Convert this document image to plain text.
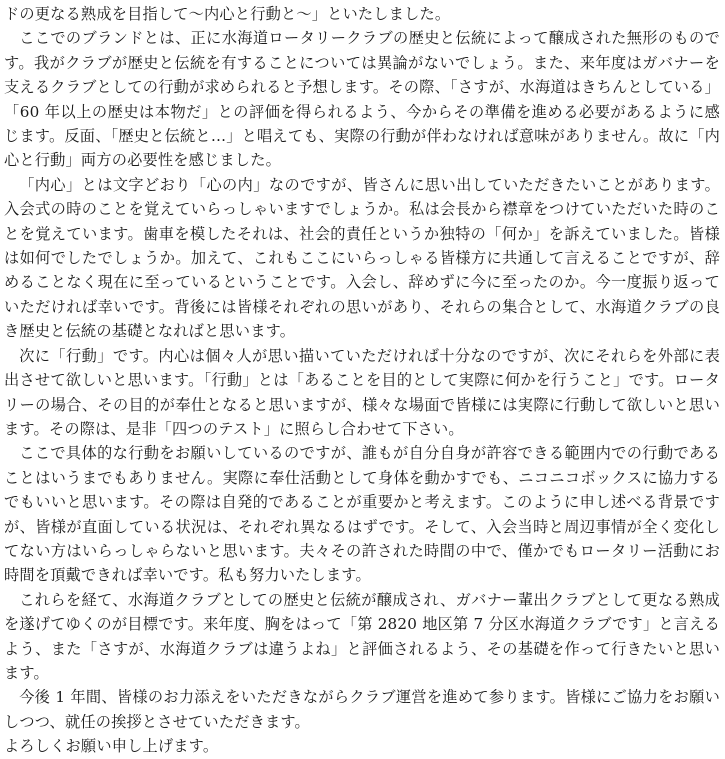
ドの更なる熟成を目指して～内心と行動と～」といたしました。

ここでのブランドとは、正に水海道ロータリークラブの歴史と伝統によって醸成された無形のものです。我がクラブが歴史と伝統を有することについては異論がないでしょう。また、来年度はガバナーを支えるクラブとしての行動が求められると予想します。その際、「さすが、水海道はきちんとしている」「60 年以上の歴史は本物だ」との評価を得られるよう、今からその準備を進める必要があるように感じます。反面、「歴史と伝統と…」と唱えても、実際の行動が伴わなければ意味がありません。故に「内心と行動」両方の必要性を感じました。

「内心」とは文字どおり「心の内」なのですが、皆さんに思い出していただきたいことがあります。入会式の時のことを覚えていらっしゃいますでしょうか。私は会長から襟章をつけていただいた時のことを覚えています。歯車を模したそれは、社会的責任というか独特の「何か」を訴えていました。皆様は如何でしたでしょうか。加えて、これもここにいらっしゃる皆様方に共通して言えることですが、辞めることなく現在に至っているということです。入会し、辞めずに今に至ったのか。今一度振り返っていただければ幸いです。背後には皆様それぞれの思いがあり、それらの集合として、水海道クラブの良き歴史と伝統の基礎となればと思います。

次に「行動」です。内心は個々人が思い描いていただければ十分なのですが、次にそれらを外部に表出させて欲しいと思います。「行動」とは「あることを目的として実際に何かを行うこと」です。ロータリーの場合、その目的が奉仕となると思いますが、様々な場面で皆様には実際に行動して欲しいと思います。その際は、是非「四つのテスト」に照らし合わせて下さい。

ここで具体的な行動をお願いしているのですが、誰もが自分自身が許容できる範囲内での行動であることはいうまでもありません。実際に奉仕活動として身体を動かすでも、ニコニコボックスに協力するでもいいと思います。その際は自発的であることが重要かと考えます。このように申し述べる背景ですが、皆様が直面している状況は、それぞれ異なるはずです。そして、入会当時と周辺事情が全く変化してない方はいらっしゃらないと思います。夫々その許された時間の中で、僅かでもロータリー活動にお時間を頂戴できれば幸いです。私も努力いたします。

これらを経て、水海道クラブとしての歴史と伝統が醸成され、ガバナー輩出クラブとして更なる熟成を遂げてゆくのが目標です。来年度、胸をはって「第 2820 地区第 7 分区水海道クラブです」と言えるよう、また「さすが、水海道クラブは違うよね」と評価されるよう、その基礎を作って行きたいと思います。

今後 1 年間、皆様のお力添えをいただきながらクラブ運営を進めて参ります。皆様にご協力をお願いしつつ、就任の挨拶とさせていただきます。

よろしくお願い申し上げます。
